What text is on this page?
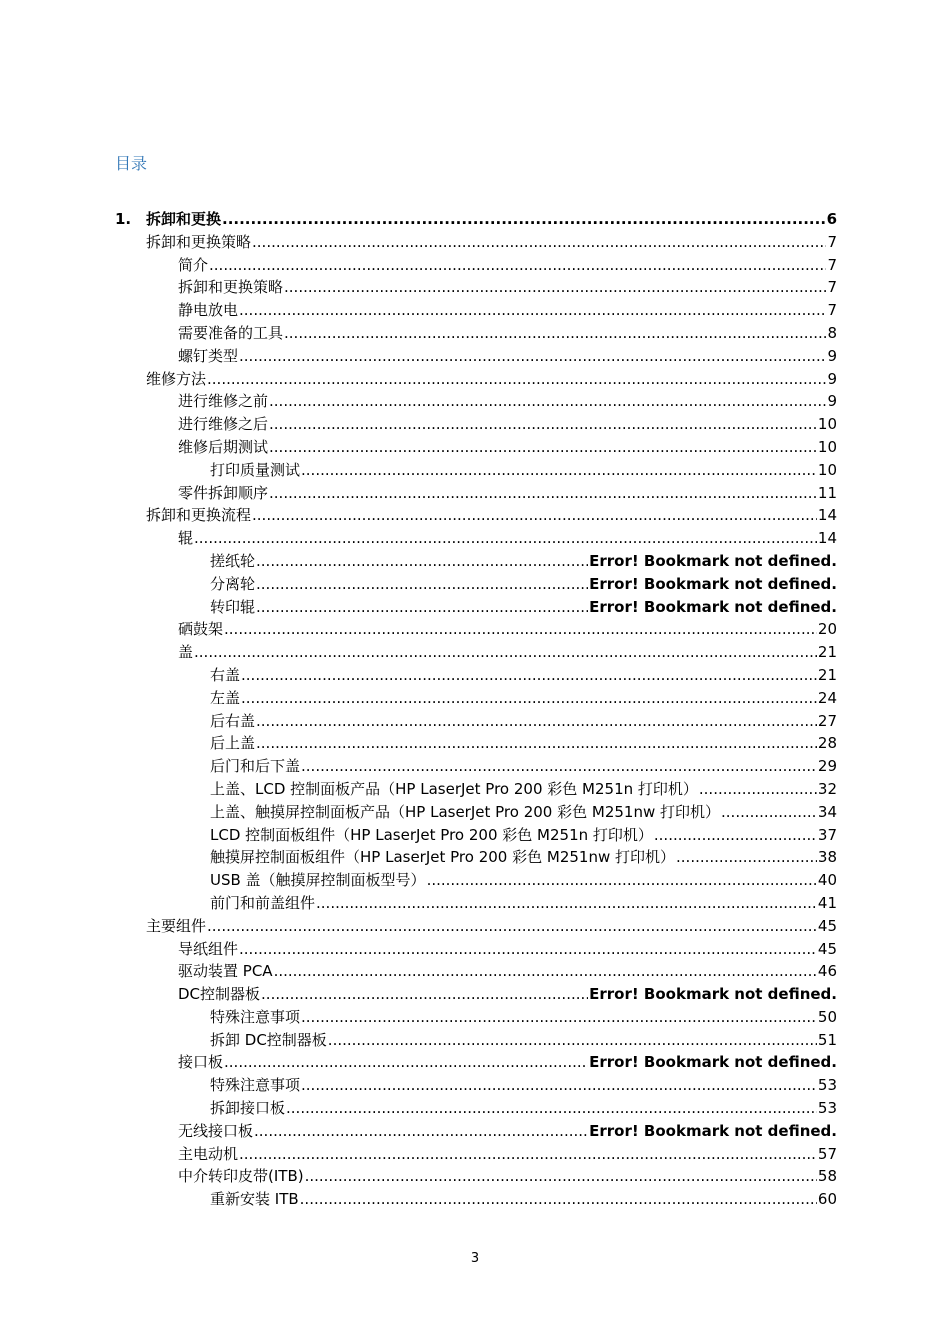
目录
1. 拆卸和更换 .....	6
拆卸和更换策略 .....	7
简介 .....	7
拆卸和更换策略 .....	7
静电放电 .....	7
需要准备的工具 .....	8
螺钉类型 .....	9
维修方法 .....	9
进行维修之前 .....	9
进行维修之后 .....	10
维修后期测试 .....	10
打印质量测试 .....	10
零件拆卸顺序 .....	11
拆卸和更换流程 .....	14
辊 .....	14
搓纸轮 .....	Error! Bookmark not defined.
分离轮 .....	Error! Bookmark not defined.
转印辊 .....	Error! Bookmark not defined.
硒鼓架 .....	20
盖 .....	21
右盖 .....	21
左盖 .....	24
后右盖 .....	27
后上盖 .....	28
后门和后下盖 .....	29
上盖、LCD 控制面板产品（HP LaserJet Pro 200 彩色 M251n 打印机） .....	32
上盖、触摸屏控制面板产品（HP LaserJet Pro 200 彩色 M251nw 打印机） .....	34
LCD 控制面板组件（HP LaserJet Pro 200 彩色 M251n 打印机） .....	37
触摸屏控制面板组件（HP LaserJet Pro 200 彩色 M251nw 打印机） .....	38
USB 盖（触摸屏控制面板型号） .....	40
前门和前盖组件 .....	41
主要组件 .....	45
导纸组件 .....	45
驱动装置 PCA .....	46
DC控制器板 .....	Error! Bookmark not defined.
特殊注意事项 .....	50
拆卸 DC控制器板 .....	51
接口板 .....	Error! Bookmark not defined.
特殊注意事项 .....	53
拆卸接口板 .....	53
无线接口板 .....	Error! Bookmark not defined.
主电动机 .....	57
中介转印皮带(ITB) .....	58
重新安装 ITB .....	60
3
